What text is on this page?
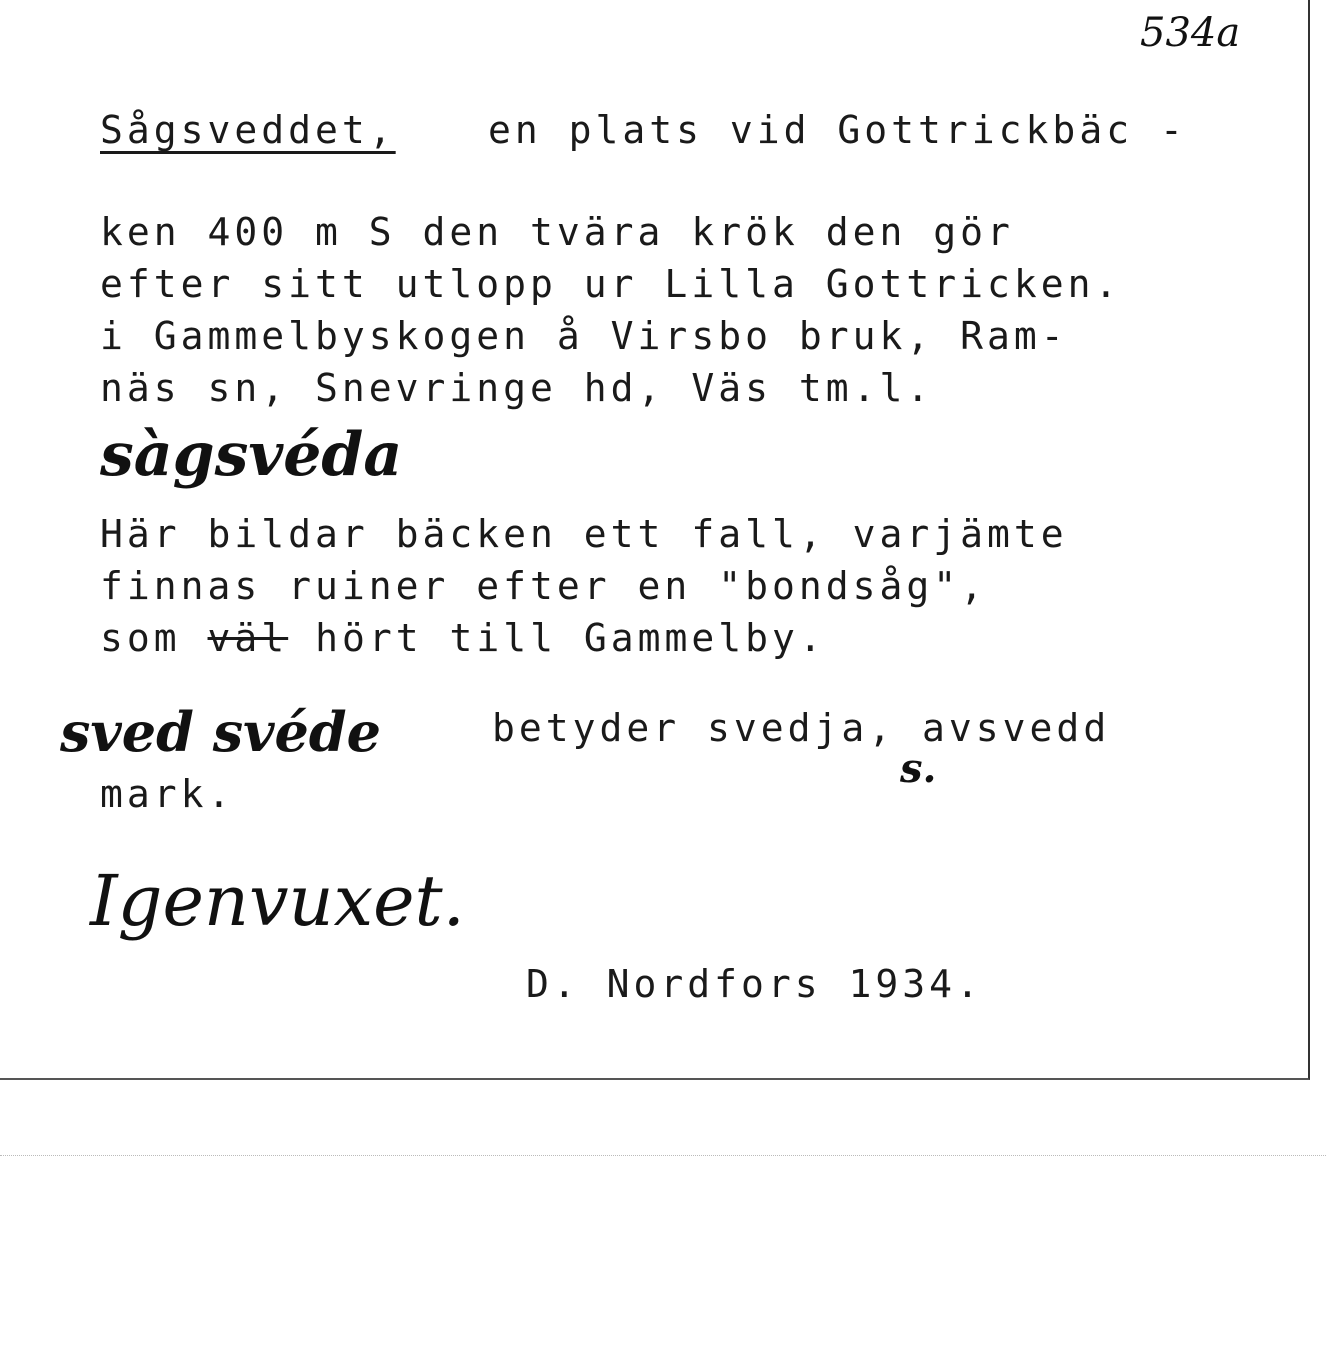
534a
Sågsveddet, en plats vid Gottrickbäc -
ken 400 m S den tvära krök den gör
efter sitt utlopp ur Lilla Gottricken.
i Gammelbyskogen å Virsbo bruk, Ram-
näs sn, Snevringe hd, Väs tm.l.
sàgsvéda
Här bildar bäcken ett fall, varjämte
finnas ruiner efter en "bondsåg",
som väl hört till Gammelby.
sved svéde	betyder svedja, avsvedd
mark.
s.
Igenvuxet.
D. Nordfors 1934.
